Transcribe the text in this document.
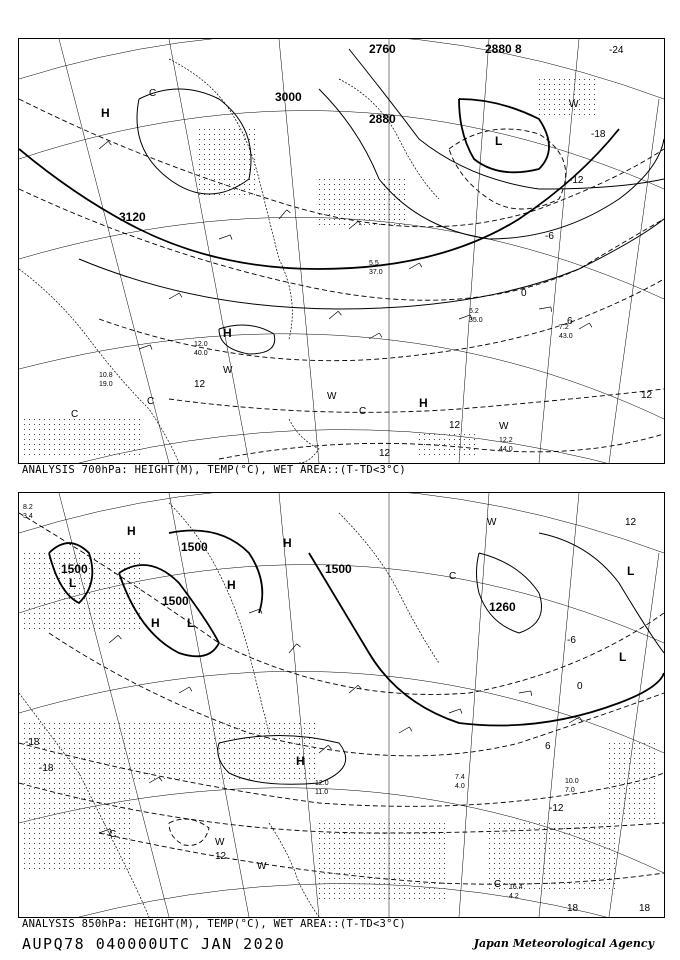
3000
2880
3120
2760	2880 8	-24
-18
-12
-6
0
6
12
12
12
12
H
H
H
L
C
C
C
C
W
W
W
W
6.2
35.0
7.2
43.0
12.2
44.0
10.8
19.0
12.0
40.0
5.5
37.0
ANALYSIS 700hPa: HEIGHT(M), TEMP(°C), WET AREA::(T-TD<3°C)
1500
1500
1500
1500
1260
-18
-18
-12
-6
0
6
12
12
18
18
H
H
H
H
H
L
L
L
L
C
C
C
W
W
W
10.0
7.0
16.4
4.2
7.4
4.0
12.0
11.0
8.2
3.4
ANALYSIS 850hPa: HEIGHT(M), TEMP(°C), WET AREA::(T-TD<3°C)
AUPQ78 040000UTC JAN 2020	Japan Meteorological Agency
